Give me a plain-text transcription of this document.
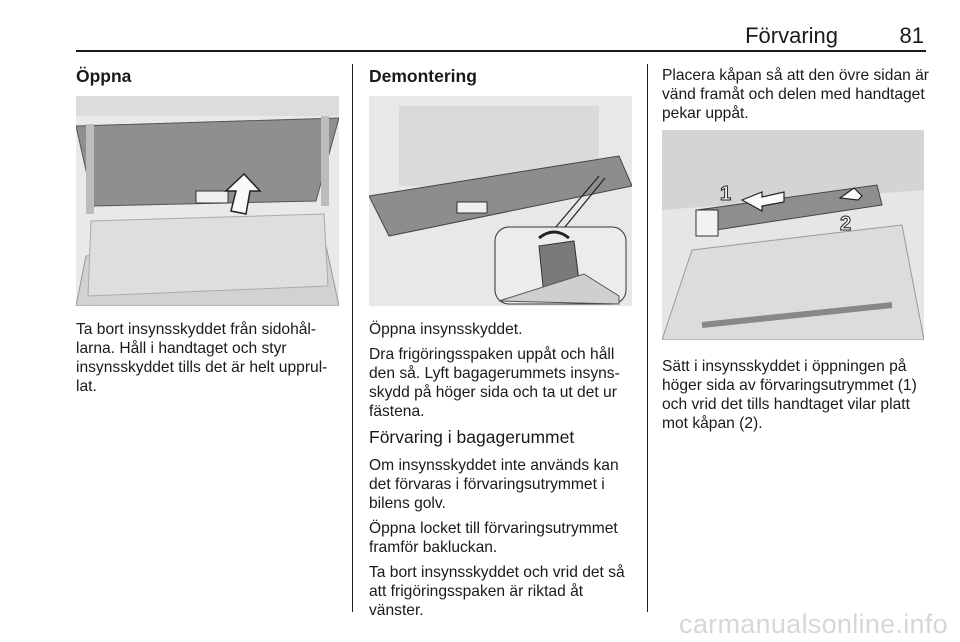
Förvaring	81
Öppna

Ta bort insynsskyddet från sidohållarna. Håll i handtaget och styr insynsskyddet tills det är helt upprullat.

Demontering

Öppna insynsskyddet.

Dra frigöringsspaken uppåt och håll den så. Lyft bagagerummets insynsskydd på höger sida och ta ut det ur fästena.

Förvaring i bagagerummet

Om insynsskyddet inte används kan det förvaras i förvaringsutrymmet i bilens golv.

Öppna locket till förvaringsutrymmet framför bakluckan.

Ta bort insynsskyddet och vrid det så att frigöringsspaken är riktad åt vänster.

Placera kåpan så att den övre sidan är vänd framåt och delen med handtaget pekar uppåt.

1
2

Sätt i insynsskyddet i öppningen på höger sida av förvaringsutrymmet (1) och vrid det tills handtaget vilar platt mot kåpan (2).

carmanualsonline.info
